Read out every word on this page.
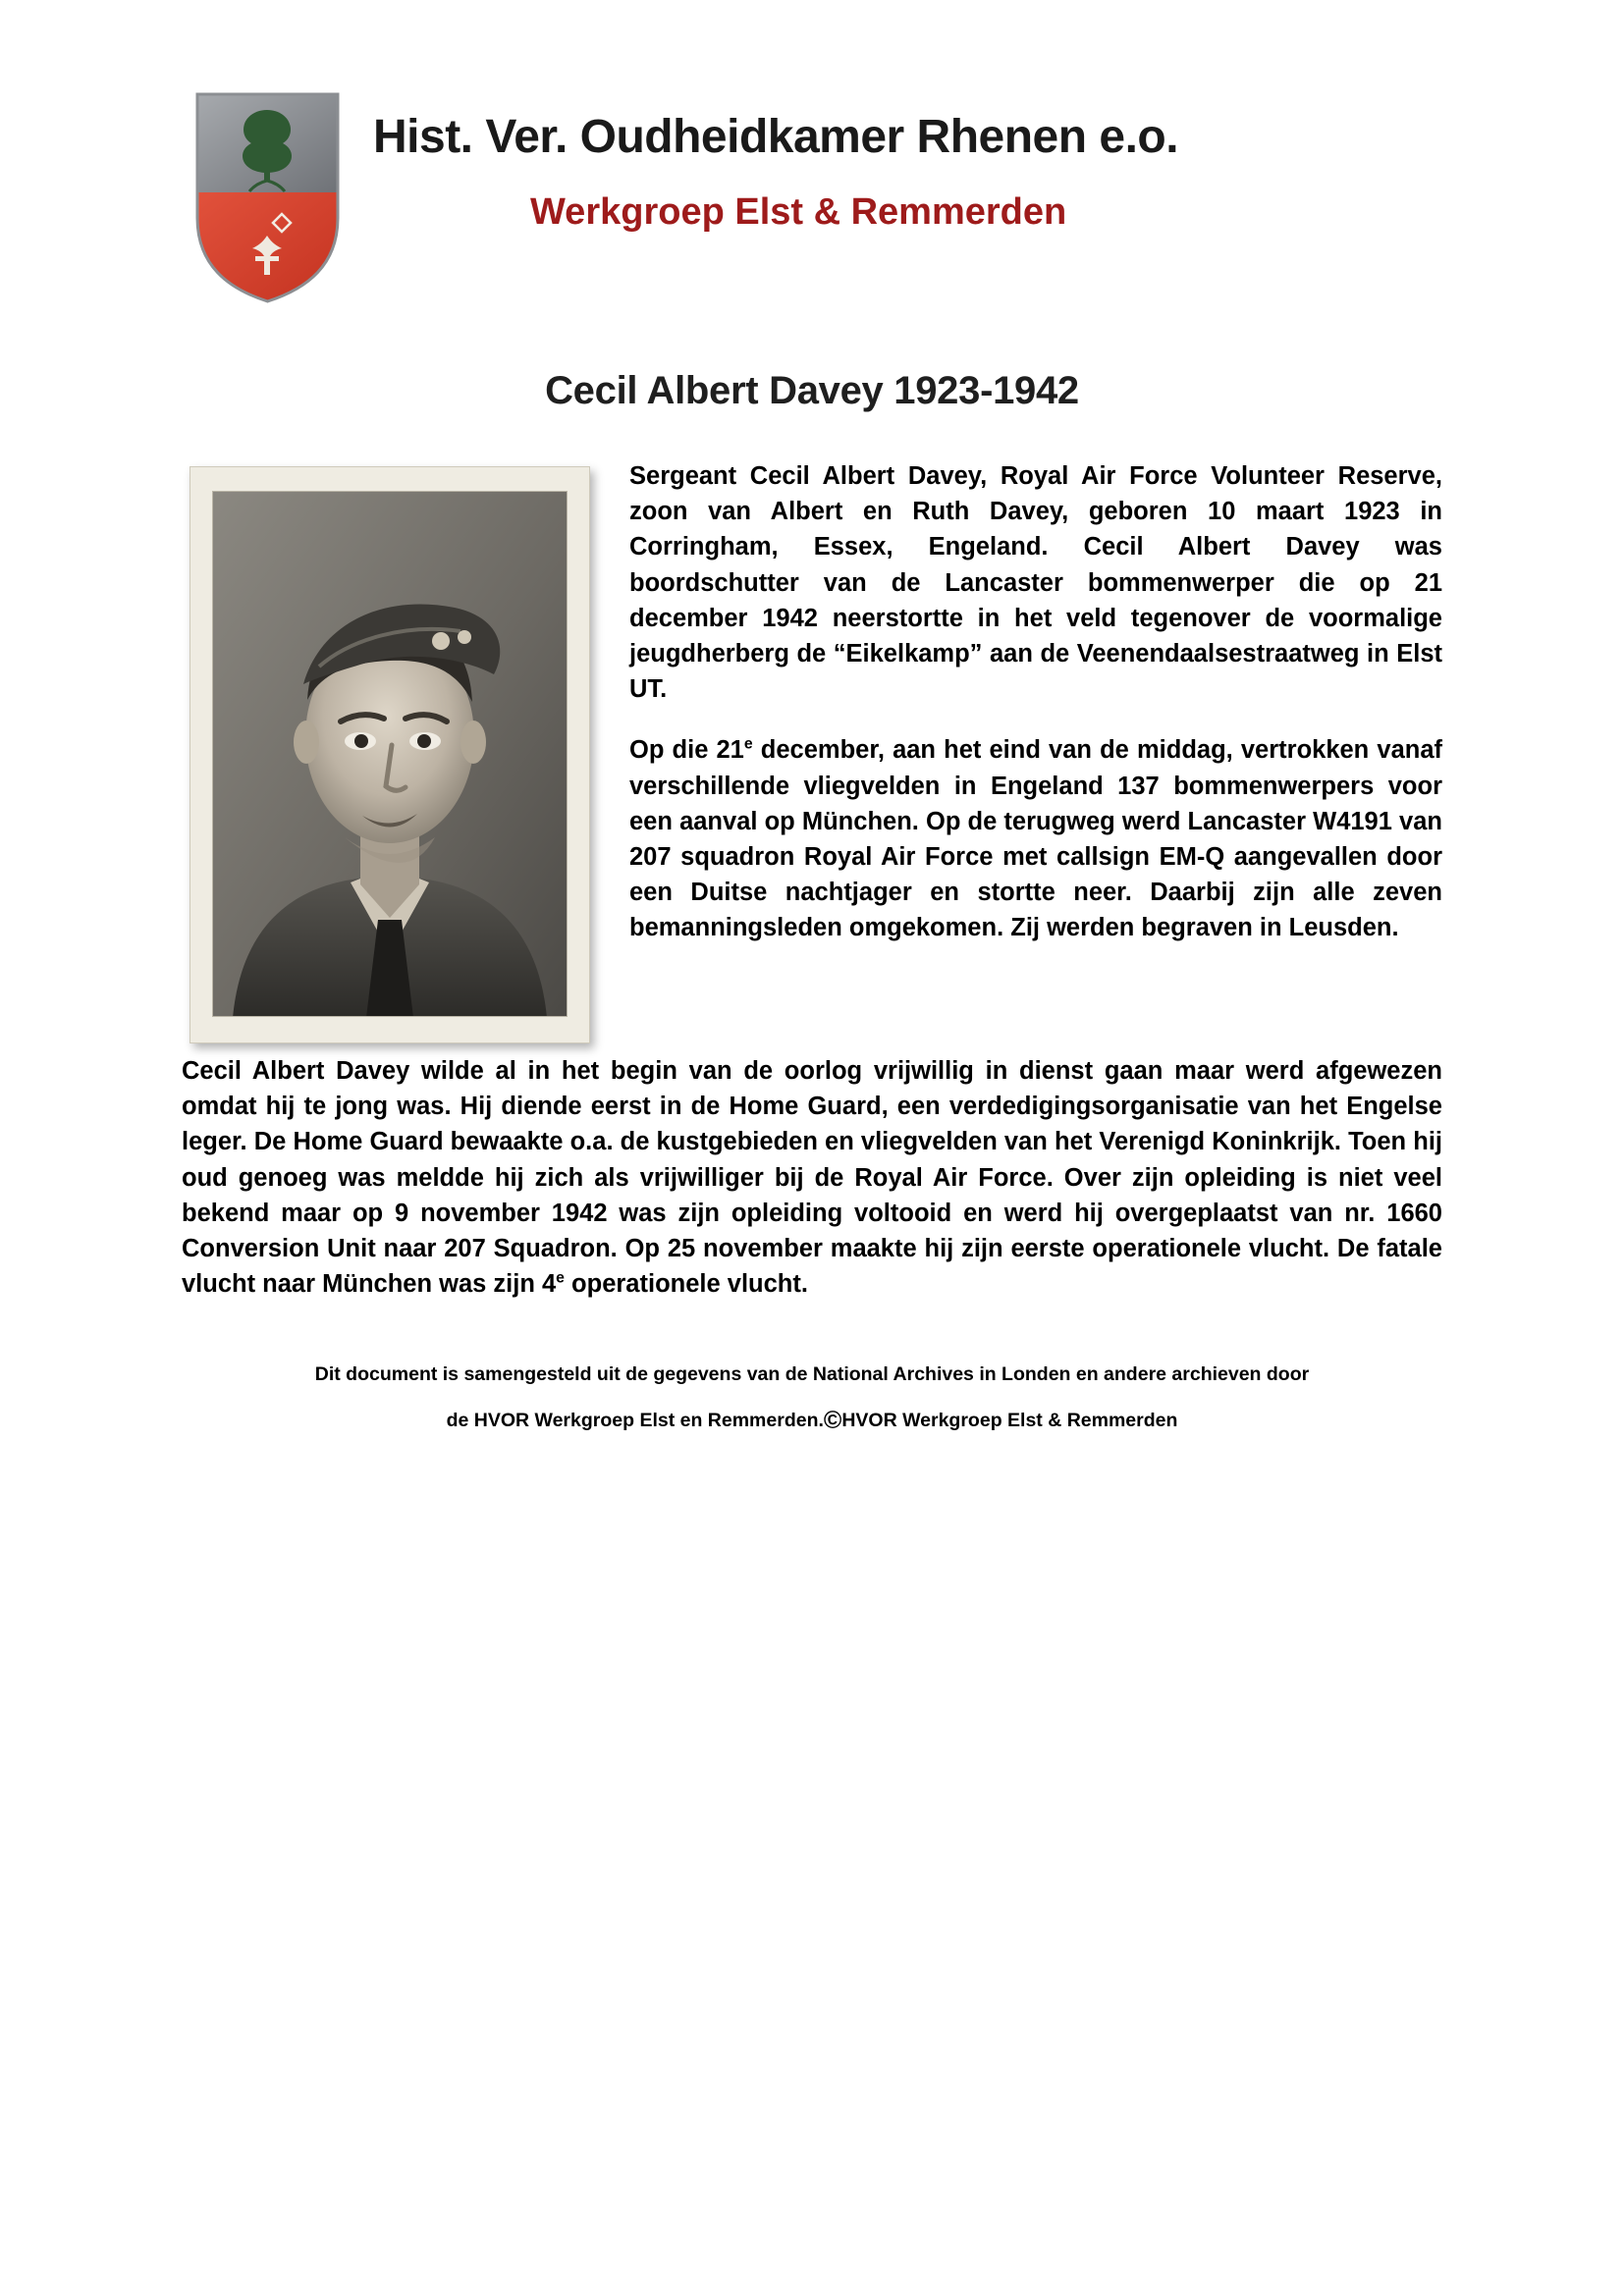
Hist. Ver. Oudheidkamer Rhenen e.o.
Werkgroep Elst & Remmerden
Cecil Albert Davey 1923-1942

Sergeant Cecil Albert Davey, Royal Air Force Volunteer Reserve, zoon van Albert en Ruth Davey, geboren 10 maart 1923 in Corringham, Essex, Engeland. Cecil Albert Davey was boordschutter van de Lancaster bommenwerper die op 21 december 1942 neerstortte in het veld tegenover de voormalige jeugdherberg de “Eikelkamp” aan de Veenendaalsestraatweg in Elst UT.

Op die 21e december, aan het eind van de middag, vertrokken vanaf verschillende vliegvelden in Engeland 137 bommenwerpers voor een aanval op München. Op de terugweg werd Lancaster W4191 van 207 squadron Royal Air Force met callsign EM-Q aangevallen door een Duitse nachtjager en stortte neer. Daarbij zijn alle zeven bemanningsleden omgekomen. Zij werden begraven in Leusden.

Cecil Albert Davey wilde al in het begin van de oorlog vrijwillig in dienst gaan maar werd afgewezen omdat hij te jong was. Hij diende eerst in de Home Guard, een verdedigingsorganisatie van het Engelse leger. De Home Guard bewaakte o.a. de kustgebieden en vliegvelden van het Verenigd Koninkrijk. Toen hij oud genoeg was meldde hij zich als vrijwilliger bij de Royal Air Force. Over zijn opleiding is niet veel bekend maar op 9 november 1942 was zijn opleiding voltooid en werd hij overgeplaatst van nr. 1660 Conversion Unit naar 207 Squadron. Op 25 november maakte hij zijn eerste operationele vlucht. De fatale vlucht naar München was zijn 4e operationele vlucht.

Dit document is samengesteld uit de gegevens van de National Archives in Londen en andere archieven door
de HVOR Werkgroep Elst en Remmerden.©HVOR Werkgroep Elst & Remmerden
